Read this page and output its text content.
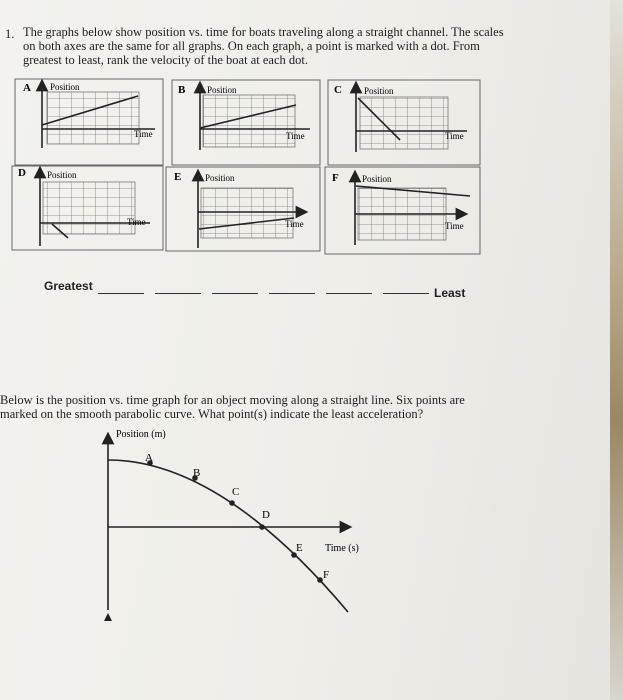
1. The graphs below show position vs. time for boats traveling along a straight channel. The scales
on both axes are the same for all graphs. On each graph, a point is marked with a dot. From
greatest to least, rank the velocity of the boat at each dot.
A Position
Time
B Position
Time
C Position
Time
D Position
Time
E	Position
Time
F	Position
Time
Position (m)
Time (s)
A
B
C
D
E
F
Greatest	Least
Below is the position vs. time graph for an object moving along a straight line. Six points are
marked on the smooth parabolic curve. What point(s) indicate the least acceleration?
